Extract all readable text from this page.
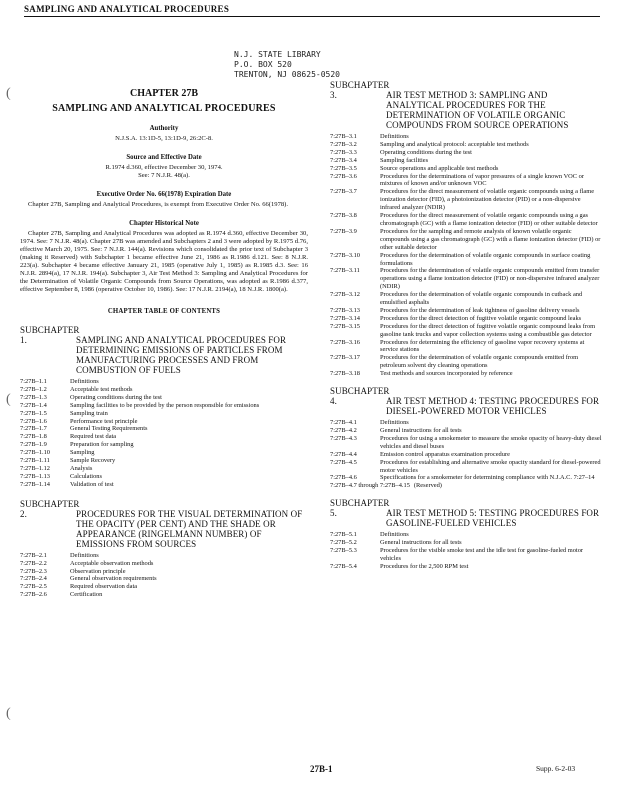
SAMPLING AND ANALYTICAL PROCEDURES
N.J. STATE LIBRARY
P.O. BOX 520
TRENTON, NJ 08625-0520
(
(
(
CHAPTER 27B
SAMPLING AND ANALYTICAL PROCEDURES
Authority
N.J.S.A. 13:1D-5, 13:1D-9, 26:2C-8.
Source and Effective Date
R.1974 d.360, effective December 30, 1974.
See: 7 N.J.R. 48(a).
Executive Order No. 66(1978) Expiration Date
Chapter 27B, Sampling and Analytical Procedures, is exempt from Executive Order No. 66(1978).
Chapter Historical Note
Chapter 27B, Sampling and Analytical Procedures was adopted as R.1974 d.360, effective December 30, 1974. See: 7 N.J.R. 48(a). Chapter 27B was amended and Subchapters 2 and 3 were adopted by R.1975 d.76, effective March 20, 1975. See: 7 N.J.R. 144(a). Revisions which consolidated the prior text of Subchapter 3 (making it Reserved) with Subchapter 1 became effective June 21, 1986 as R.1986 d.121. See: 8 N.J.R. 223(a). Subchapter 4 became effective January 21, 1985 (operative July 1, 1985) as R.1985 d.3. See: 16 N.J.R. 2894(a), 17 N.J.R. 194(a). Subchapter 3, Air Test Method 3: Sampling and Analytical Procedures for the Determination of Volatile Organic Compounds from Source Operations, was adopted as R.1986 d.377, effective September 8, 1986 (operative October 10, 1986). See: 17 N.J.R. 2194(a), 18 N.J.R. 1800(a).
CHAPTER TABLE OF CONTENTS
SUBCHAPTER 1.	SAMPLING AND ANALYTICAL PROCEDURES FOR DETERMINING EMISSIONS OF PARTICLES FROM MANUFACTURING PROCESSES AND FROM COMBUSTION OF FUELS
7:27B–1.1	Definitions
7:27B–1.2	Acceptable test methods
7:27B–1.3	Operating conditions during the test
7:27B–1.4	Sampling facilities to be provided by the person responsible for emissions
7:27B–1.5	Sampling train
7:27B–1.6	Performance test principle
7:27B–1.7	General Testing Requirements
7:27B–1.8	Required test data
7:27B–1.9	Preparation for sampling
7:27B–1.10	Sampling
7:27B–1.11	Sample Recovery
7:27B–1.12	Analysis
7:27B–1.13	Calculations
7:27B–1.14	Validation of test
SUBCHAPTER 2.	PROCEDURES FOR THE VISUAL DETERMINATION OF THE OPACITY (PER CENT) AND THE SHADE OR APPEARANCE (RINGELMANN NUMBER) OF EMISSIONS FROM SOURCES
7:27B–2.1	Definitions
7:27B–2.2	Acceptable observation methods
7:27B–2.3	Observation principle
7:27B–2.4	General observation requirements
7:27B–2.5	Required observation data
7:27B–2.6	Certification
SUBCHAPTER 3.	AIR TEST METHOD 3: SAMPLING AND ANALYTICAL PROCEDURES FOR THE DETERMINATION OF VOLATILE ORGANIC COMPOUNDS FROM SOURCE OPERATIONS
7:27B–3.1	Definitions
7:27B–3.2	Sampling and analytical protocol: acceptable test methods
7:27B–3.3	Operating conditions during the test
7:27B–3.4	Sampling facilities
7:27B–3.5	Source operations and applicable test methods
7:27B–3.6	Procedures for the determinations of vapor pressures of a single known VOC or mixtures of known and/or unknown VOC
7:27B–3.7	Procedures for the direct measurement of volatile organic compounds using a flame ionization detector (FID), a photoionization detector (PID) or a non-dispersive infrared analyzer (NDIR)
7:27B–3.8	Procedures for the direct measurement of volatile organic compounds using a gas chromatograph (GC) with a flame ionization detector (FID) or other suitable detector
7:27B–3.9	Procedures for the sampling and remote analysis of known volatile organic compounds using a gas chromatograph (GC) with a flame ionization detector (FID) or other suitable detector
7:27B–3.10	Procedures for the determination of volatile organic compounds in surface coating formulations
7:27B–3.11	Procedures for the determination of volatile organic compounds emitted from transfer operations using a flame ionization detector (FID) or non-dispersive infrared analyzer (NDIR)
7:27B–3.12	Procedures for the determination of volatile organic compounds in cutback and emulsified asphalts
7:27B–3.13	Procedures for the determination of leak tightness of gasoline delivery vessels
7:27B–3.14	Procedures for the direct detection of fugitive volatile organic compound leaks
7:27B–3.15	Procedures for the direct detection of fugitive volatile organic compound leaks from gasoline tank trucks and vapor collection systems using a combustible gas detector
7:27B–3.16	Procedures for determining the efficiency of gasoline vapor recovery systems at service stations
7:27B–3.17	Procedures for the determination of volatile organic compounds emitted from petroleum solvent dry cleaning operations
7:27B–3.18	Test methods and sources incorporated by reference
SUBCHAPTER 4.	AIR TEST METHOD 4: TESTING PROCEDURES FOR DIESEL-POWERED MOTOR VEHICLES
7:27B–4.1	Definitions
7:27B–4.2	General instructions for all tests
7:27B–4.3	Procedures for using a smokemeter to measure the smoke opacity of heavy-duty diesel vehicles and diesel buses
7:27B–4.4	Emission control apparatus examination procedure
7:27B–4.5	Procedures for establishing and alternative smoke opacity standard for diesel-powered motor vehicles
7:27B–4.6	Specifications for a smokemeter for determining compliance with N.J.A.C. 7:27–14
7:27B–4.7 through 7:27B–4.15 (Reserved)
SUBCHAPTER 5.	AIR TEST METHOD 5: TESTING PROCEDURES FOR GASOLINE-FUELED VEHICLES
7:27B–5.1	Definitions
7:27B–5.2	General instructions for all tests
7:27B–5.3	Procedures for the visible smoke test and the idle test for gasoline-fueled motor vehicles
7:27B–5.4	Procedures for the 2,500 RPM test
27B-1	Supp. 6-2-03
